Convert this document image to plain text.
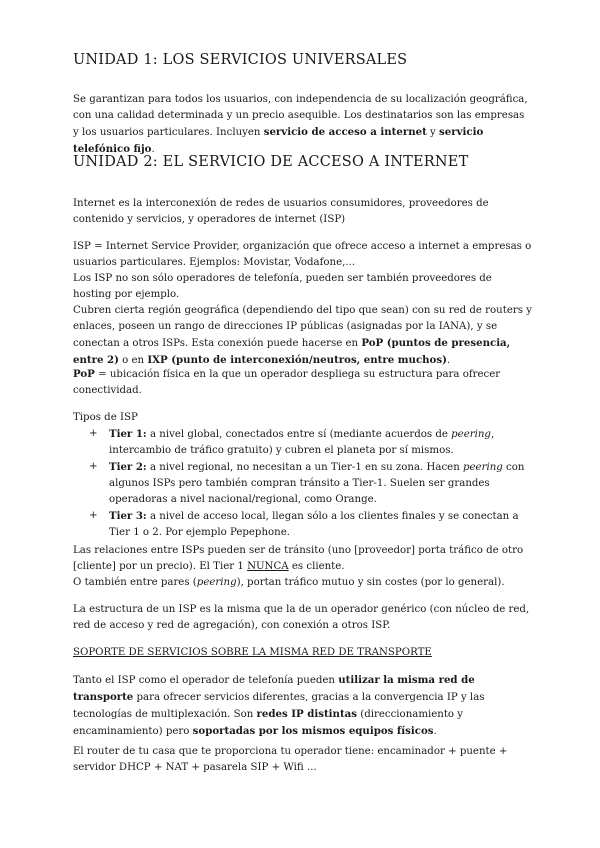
UNIDAD 1: LOS SERVICIOS UNIVERSALES

Se garantizan para todos los usuarios, con independencia de su localización geográfica, con una calidad determinada y un precio asequible. Los destinatarios son las empresas y los usuarios particulares. Incluyen servicio de acceso a internet y servicio telefónico fijo.

UNIDAD 2: EL SERVICIO DE ACCESO A INTERNET

Internet es la interconexión de redes de usuarios consumidores, proveedores de contenido y servicios, y operadores de internet (ISP)

ISP = Internet Service Provider, organización que ofrece acceso a internet a empresas o usuarios particulares. Ejemplos: Movistar, Vodafone,...

Los ISP no son sólo operadores de telefonía, pueden ser también proveedores de hosting por ejemplo.

Cubren cierta región geográfica (dependiendo del tipo que sean) con su red de routers y enlaces, poseen un rango de direcciones IP públicas (asignadas por la IANA), y se conectan a otros ISPs. Esta conexión puede hacerse en PoP (puntos de presencia, entre 2) o en IXP (punto de interconexión/neutros, entre muchos).

PoP = ubicación física en la que un operador despliega su estructura para ofrecer conectividad.

Tipos de ISP

+ Tier 1: a nivel global, conectados entre sí (mediante acuerdos de peering, intercambio de tráfico gratuito) y cubren el planeta por sí mismos.
+ Tier 2: a nivel regional, no necesitan a un Tier-1 en su zona. Hacen peering con algunos ISPs pero también compran tránsito a Tier-1. Suelen ser grandes operadoras a nivel nacional/regional, como Orange.
+ Tier 3: a nivel de acceso local, llegan sólo a los clientes finales y se conectan a Tier 1 o 2. Por ejemplo Pepephone.

Las relaciones entre ISPs pueden ser de tránsito (uno [proveedor] porta tráfico de otro [cliente] por un precio). El Tier 1 NUNCA es cliente.

O también entre pares (peering), portan tráfico mutuo y sin costes (por lo general).

La estructura de un ISP es la misma que la de un operador genérico (con núcleo de red, red de acceso y red de agregación), con conexión a otros ISP.

SOPORTE DE SERVICIOS SOBRE LA MISMA RED DE TRANSPORTE

Tanto el ISP como el operador de telefonía pueden utilizar la misma red de transporte para ofrecer servicios diferentes, gracias a la convergencia IP y las tecnologías de multiplexación. Son redes IP distintas (direccionamiento y encaminamiento) pero soportadas por los mismos equipos físicos.

El router de tu casa que te proporciona tu operador tiene: encaminador + puente + servidor DHCP + NAT + pasarela SIP + Wifi ...
